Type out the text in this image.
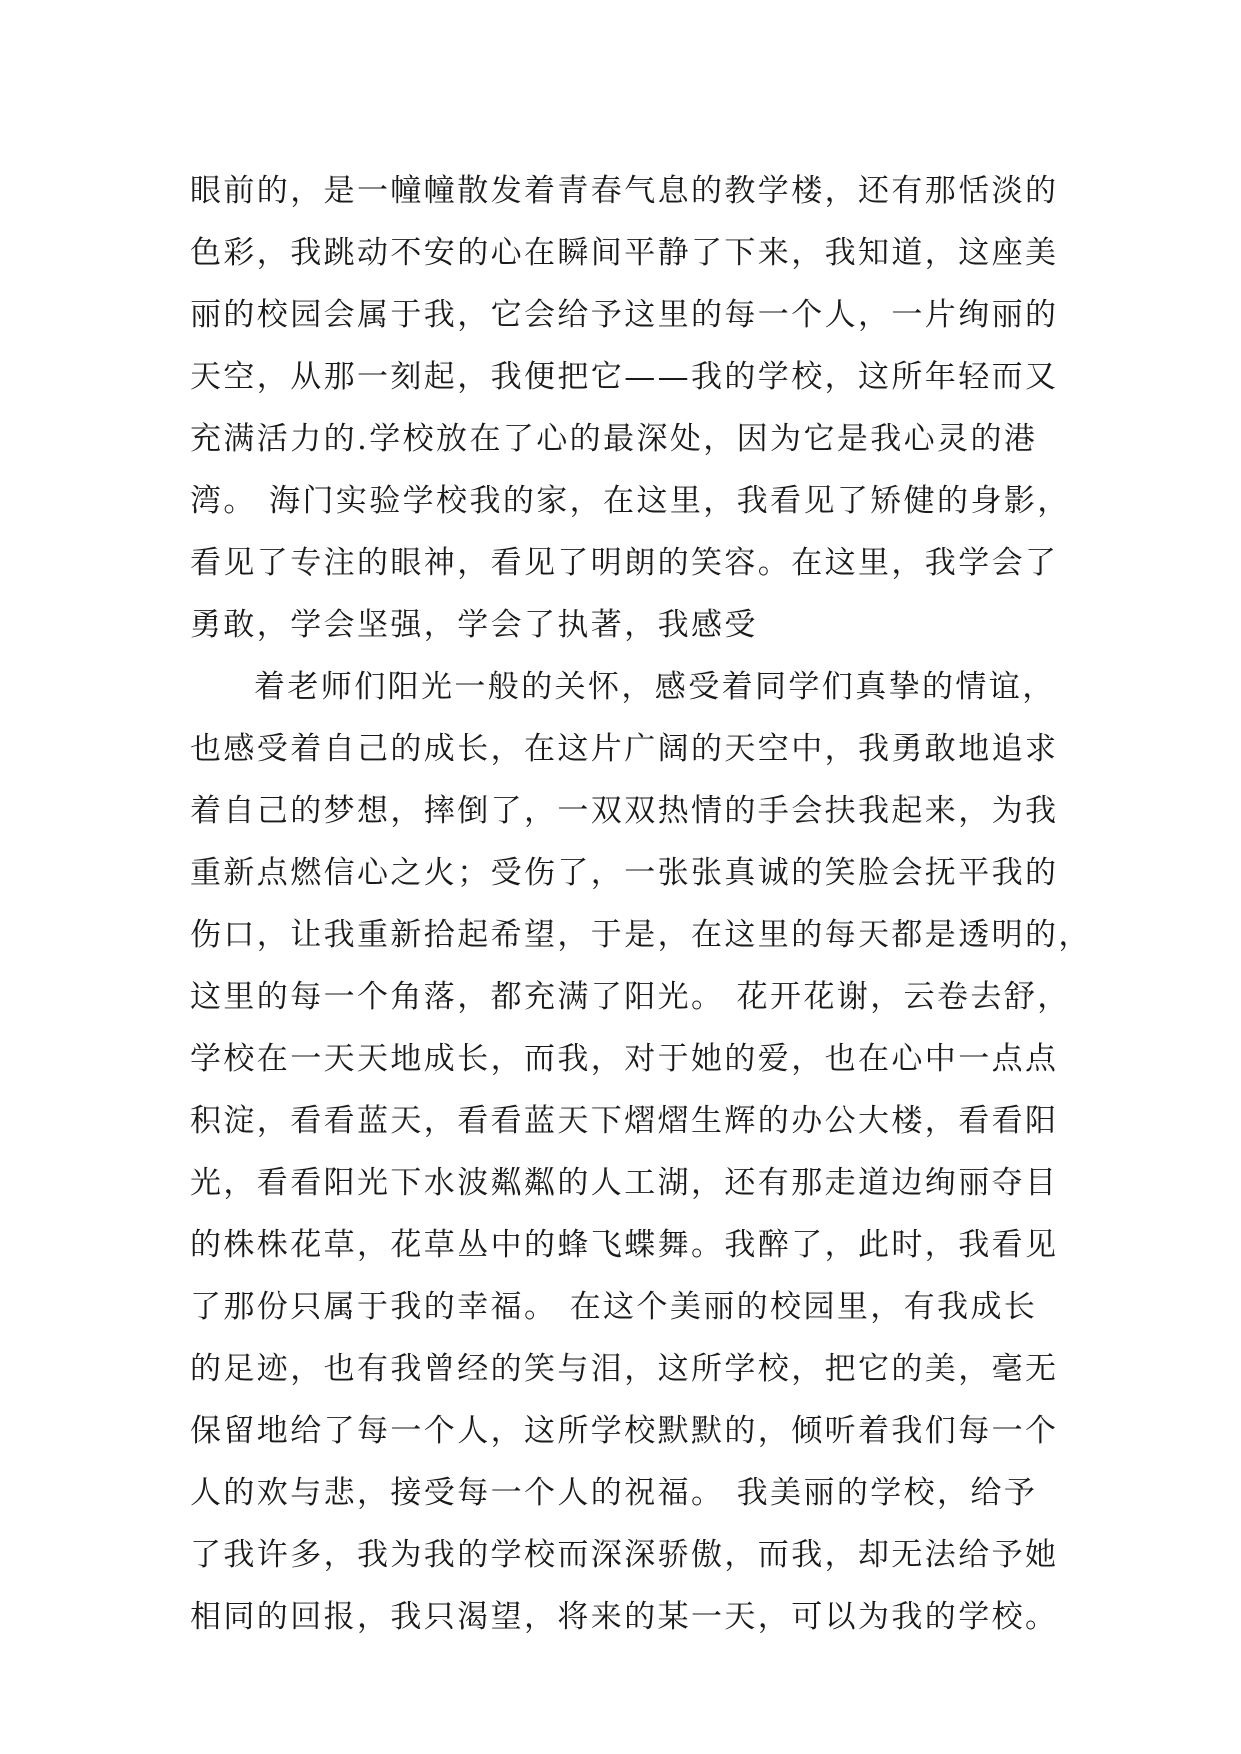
眼前的，是一幢幢散发着青春气息的教学楼，还有那恬淡的
色彩，我跳动不安的心在瞬间平静了下来，我知道，这座美
丽的校园会属于我，它会给予这里的每一个人，一片绚丽的
天空，从那一刻起，我便把它——我的学校，这所年轻而又
充满活力的.学校放在了心的最深处，因为它是我心灵的港
湾。 海门实验学校我的家，在这里，我看见了矫健的身影，
看见了专注的眼神，看见了明朗的笑容。在这里，我学会了
勇敢，学会坚强，学会了执著，我感受
着老师们阳光一般的关怀，感受着同学们真挚的情谊，
也感受着自己的成长，在这片广阔的天空中，我勇敢地追求
着自己的梦想，摔倒了，一双双热情的手会扶我起来，为我
重新点燃信心之火；受伤了，一张张真诚的笑脸会抚平我的
伤口，让我重新拾起希望，于是，在这里的每天都是透明的，
这里的每一个角落，都充满了阳光。 花开花谢，云卷去舒，
学校在一天天地成长，而我，对于她的爱，也在心中一点点
积淀，看看蓝天，看看蓝天下熠熠生辉的办公大楼，看看阳
光，看看阳光下水波粼粼的人工湖，还有那走道边绚丽夺目
的株株花草，花草丛中的蜂飞蝶舞。我醉了，此时，我看见
了那份只属于我的幸福。 在这个美丽的校园里，有我成长
的足迹，也有我曾经的笑与泪，这所学校，把它的美，毫无
保留地给了每一个人，这所学校默默的，倾听着我们每一个
人的欢与悲，接受每一个人的祝福。 我美丽的学校，给予
了我许多，我为我的学校而深深骄傲，而我，却无法给予她
相同的回报，我只渴望，将来的某一天，可以为我的学校。
